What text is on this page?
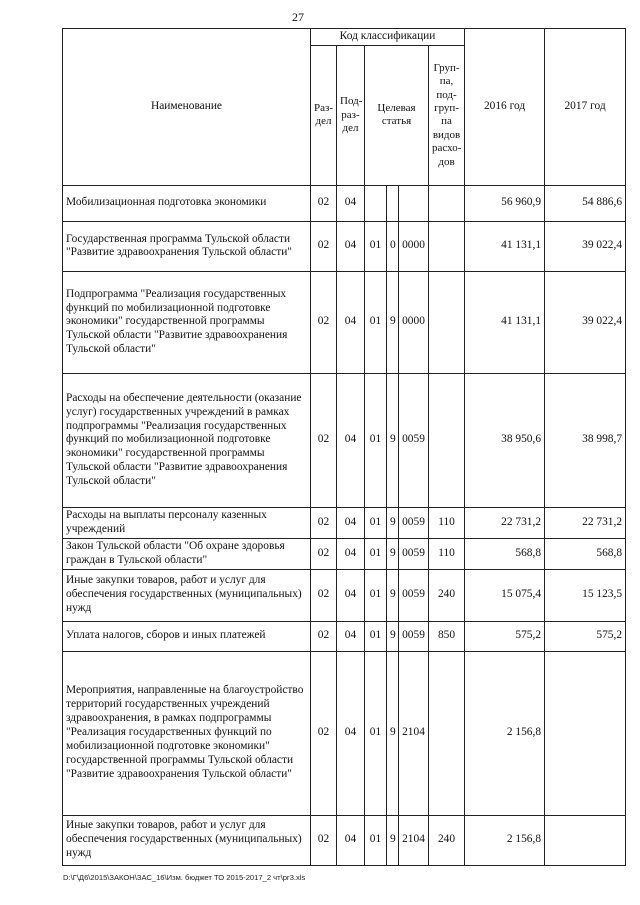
27
Наименование	Код классификации						2016 год	2017 год
	Раз-дел	Под-раз-дел	Целевая статья			Груп-па, под-груп-па видов расхо-дов		
Мобилизационная подготовка экономики	02	04					56 960,9	54 886,6
Государственная программа Тульской области "Развитие здравоохранения Тульской области"	02	04	01	0	0000		41 131,1	39 022,4
Подпрограмма "Реализация государственных функций по мобилизационной подготовке экономики" государственной программы Тульской области "Развитие здравоохранения Тульской области"	02	04	01	9	0000		41 131,1	39 022,4
Расходы на обеспечение деятельности (оказание услуг) государственных учреждений в рамках подпрограммы "Реализация государственных функций по мобилизационной подготовке экономики" государственной программы Тульской области "Развитие здравоохранения Тульской области"	02	04	01	9	0059		38 950,6	38 998,7
Расходы на выплаты персоналу казенных учреждений	02	04	01	9	0059	110	22 731,2	22 731,2
Закон Тульской области "Об охране здоровья граждан в Тульской области"	02	04	01	9	0059	110	568,8	568,8
Иные закупки товаров, работ и услуг для обеспечения государственных (муниципальных) нужд	02	04	01	9	0059	240	15 075,4	15 123,5
Уплата налогов, сборов и иных платежей	02	04	01	9	0059	850	575,2	575,2
Мероприятия, направленные на благоустройство территорий государственных учреждений здравоохранения, в рамках подпрограммы "Реализация государственных функций по мобилизационной подготовке экономики" государственной программы Тульской области "Развитие здравоохранения Тульской области"	02	04	01	9	2104		2 156,8	
Иные закупки товаров, работ и услуг для обеспечения государственных (муниципальных) нужд	02	04	01	9	2104	240	2 156,8	
D:\Г\Д6\2015\ЗАКОН\ЗАС_16\Изм. бюджет ТО 2015-2017_2 чт\рг3.xls
